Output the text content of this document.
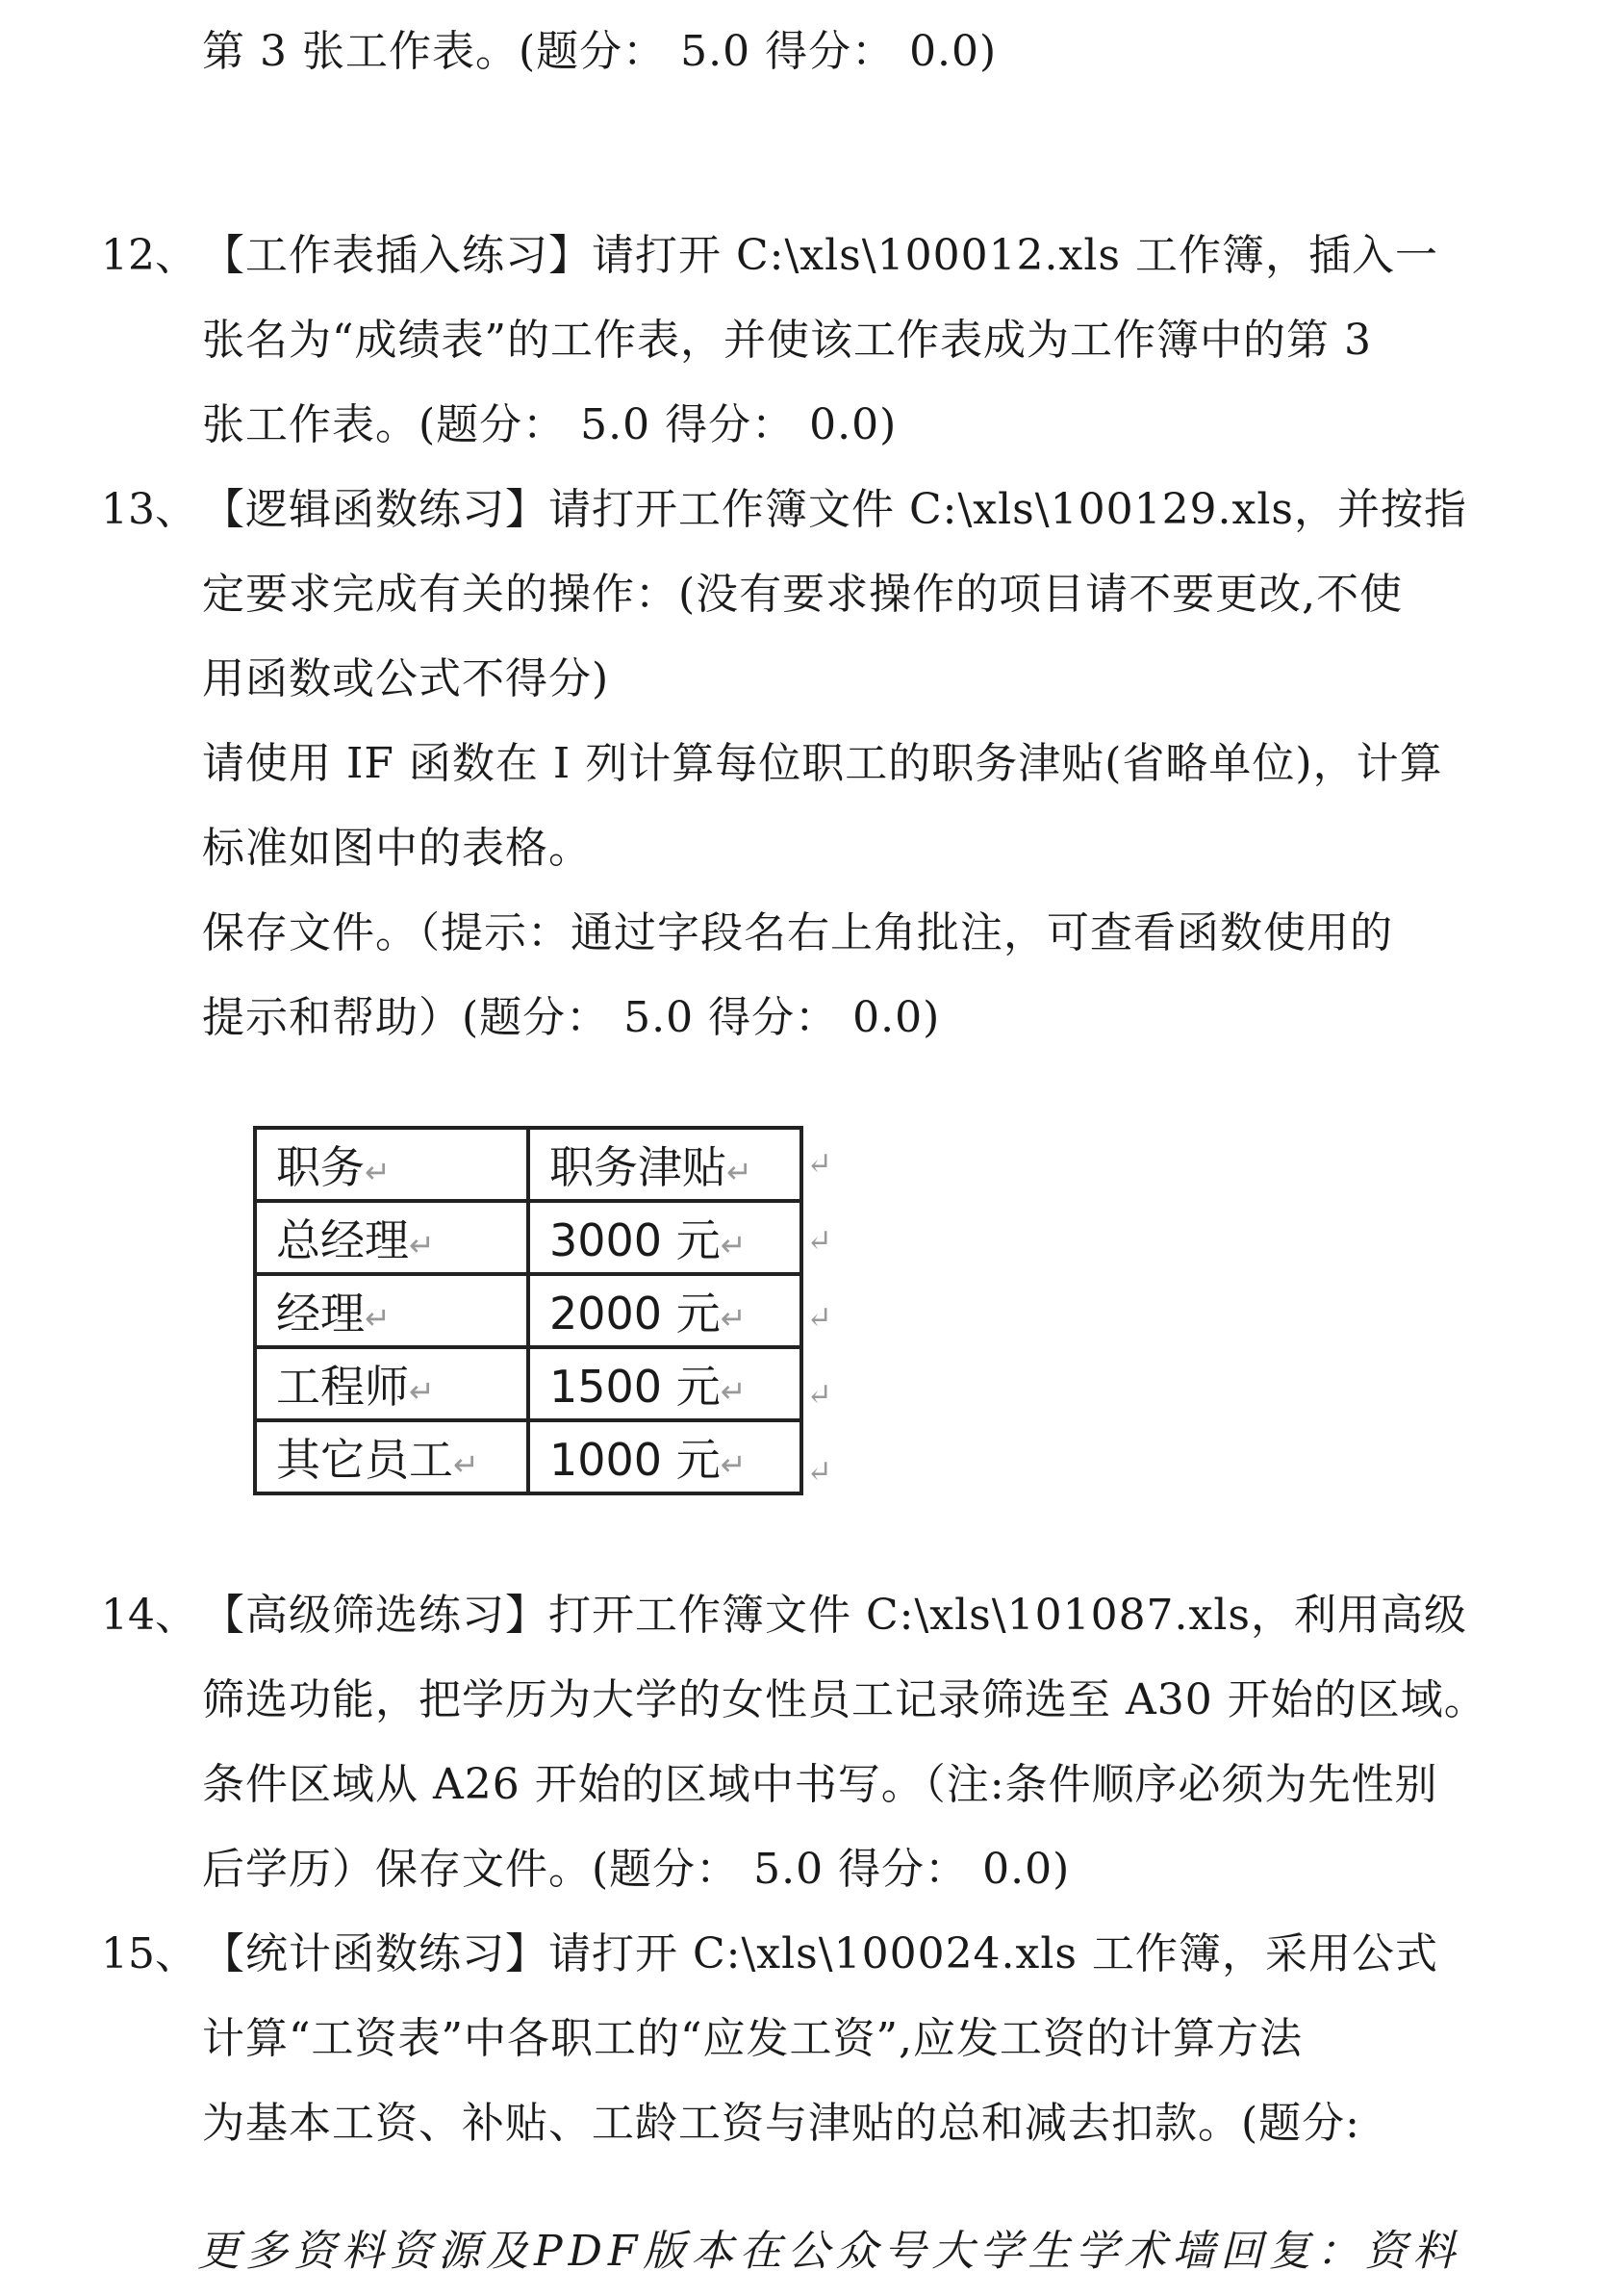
第 3 张工作表。(题分： 5.0 得分： 0.0)
12、 【工作表插入练习】请打开 C:\xls\100012.xls 工作簿，插入一
张名为“成绩表”的工作表，并使该工作表成为工作簿中的第 3
张工作表。(题分： 5.0 得分： 0.0)
13、 【逻辑函数练习】请打开工作簿文件 C:\xls\100129.xls，并按指
定要求完成有关的操作：(没有要求操作的项目请不要更改,不使
用函数或公式不得分)
请使用 IF 函数在 I 列计算每位职工的职务津贴(省略单位)，计算
标准如图中的表格。
保存文件。（提示：通过字段名右上角批注，可查看函数使用的
提示和帮助）(题分： 5.0 得分： 0.0)
14、 【高级筛选练习】打开工作簿文件 C:\xls\101087.xls，利用高级
筛选功能，把学历为大学的女性员工记录筛选至 A30 开始的区域。
条件区域从 A26 开始的区域中书写。（注:条件顺序必须为先性别
后学历）保存文件。(题分： 5.0 得分： 0.0)
15、 【统计函数练习】请打开 C:\xls\100024.xls 工作簿，采用公式
计算“工资表”中各职工的“应发工资”,应发工资的计算方法
为基本工资、补贴、工龄工资与津贴的总和减去扣款。(题分:
职务↵	职务津贴↵
总经理↵	3000 元↵
经理↵	2000 元↵
工程师↵	1500 元↵
其它员工↵	1000 元↵
↵
↵
↵
↵
↵
更多资料资源及PDF版本在公众号大学生学术墙回复：资料
